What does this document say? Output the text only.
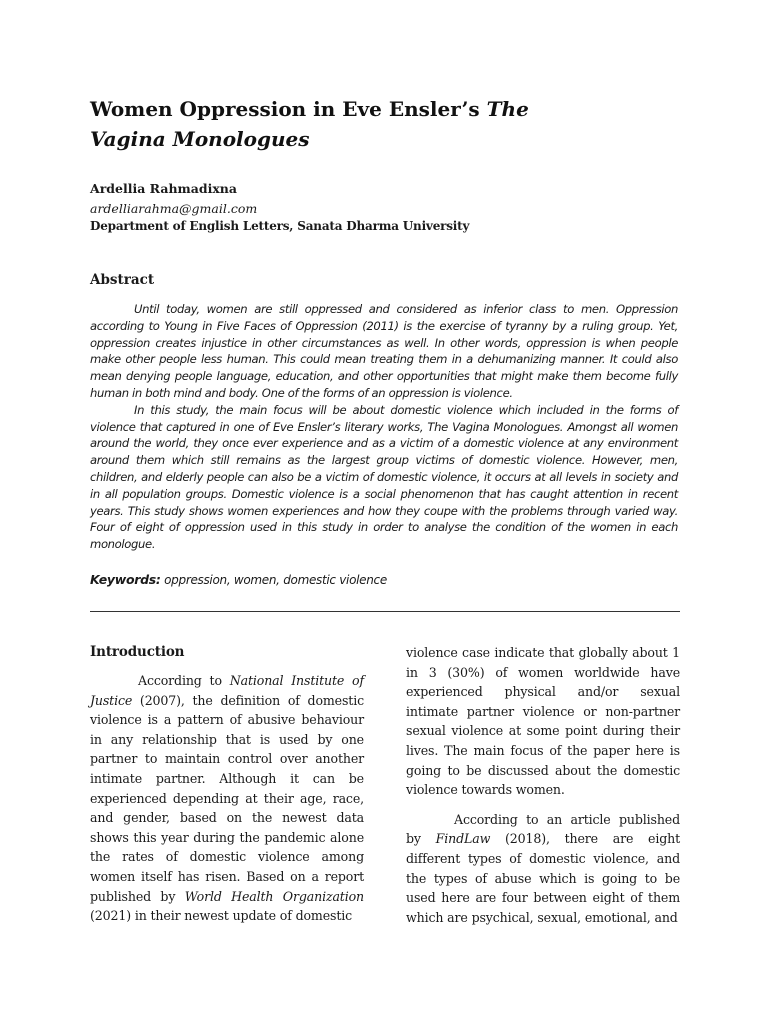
Women Oppression in Eve Ensler’s The Vagina Monologues
Ardellia Rahmadixna
ardelliarahma@gmail.com
Department of English Letters, Sanata Dharma University
Abstract

Until today, women are still oppressed and considered as inferior class to men. Oppression according to Young in Five Faces of Oppression (2011) is the exercise of tyranny by a ruling group. Yet, oppression creates injustice in other circumstances as well. In other words, oppression is when people make other people less human. This could mean treating them in a dehumanizing manner. It could also mean denying people language, education, and other opportunities that might make them become fully human in both mind and body. One of the forms of an oppression is violence.

In this study, the main focus will be about domestic violence which included in the forms of violence that captured in one of Eve Ensler’s literary works, The Vagina Monologues. Amongst all women around the world, they once ever experience and as a victim of a domestic violence at any environment around them which still remains as the largest group victims of domestic violence. However, men, children, and elderly people can also be a victim of domestic violence, it occurs at all levels in society and in all population groups. Domestic violence is a social phenomenon that has caught attention in recent years. This study shows women experiences and how they coupe with the problems through varied way. Four of eight of oppression used in this study in order to analyse the condition of the women in each monologue.

Keywords: oppression, women, domestic violence

Introduction

According to National Institute of Justice (2007), the definition of domestic violence is a pattern of abusive behaviour in any relationship that is used by one partner to maintain control over another intimate partner. Although it can be experienced depending at their age, race, and gender, based on the newest data shows this year during the pandemic alone the rates of domestic violence among women itself has risen. Based on a report published by World Health Organization (2021) in their newest update of domestic

violence case indicate that globally about 1 in 3 (30%) of women worldwide have experienced physical and/or sexual intimate partner violence or non-partner sexual violence at some point during their lives. The main focus of the paper here is going to be discussed about the domestic violence towards women.

According to an article published by FindLaw (2018), there are eight different types of domestic violence, and the types of abuse which is going to be used here are four between eight of them which are psychical, sexual, emotional, and
